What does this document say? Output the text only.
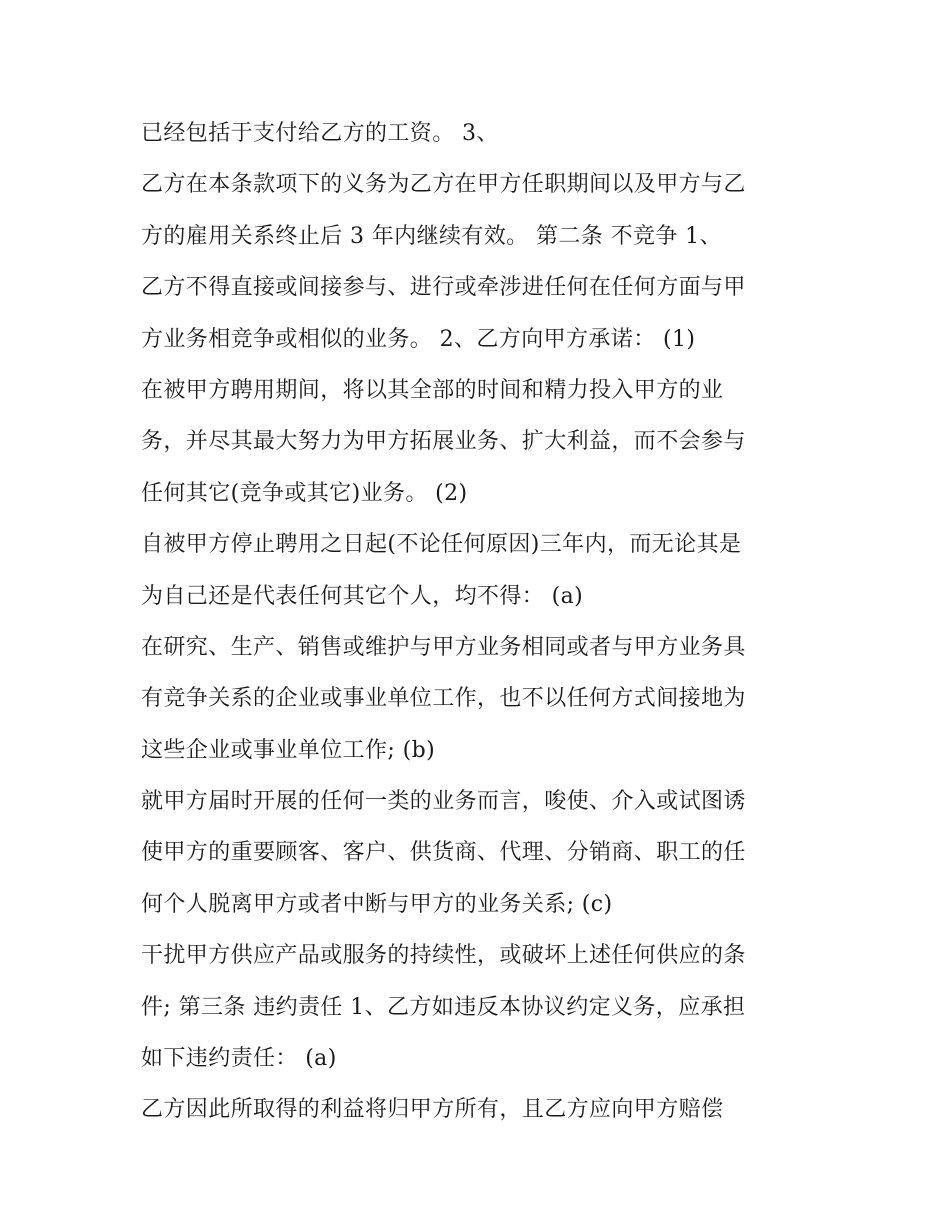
已经包括于支付给乙方的工资。 3、
乙方在本条款项下的义务为乙方在甲方任职期间以及甲方与乙
方的雇用关系终止后 3 年内继续有效。 第二条 不竞争 1、
乙方不得直接或间接参与、进行或牵涉进任何在任何方面与甲
方业务相竞争或相似的业务。 2、乙方向甲方承诺： (1)
在被甲方聘用期间，将以其全部的时间和精力投入甲方的业
务，并尽其最大努力为甲方拓展业务、扩大利益，而不会参与
任何其它(竞争或其它)业务。 (2)
自被甲方停止聘用之日起(不论任何原因)三年内，而无论其是
为自己还是代表任何其它个人，均不得： (a)
在研究、生产、销售或维护与甲方业务相同或者与甲方业务具
有竞争关系的企业或事业单位工作，也不以任何方式间接地为
这些企业或事业单位工作; (b)
就甲方届时开展的任何一类的业务而言，唆使、介入或试图诱
使甲方的重要顾客、客户、供货商、代理、分销商、职工的任
何个人脱离甲方或者中断与甲方的业务关系; (c)
干扰甲方供应产品或服务的持续性，或破坏上述任何供应的条
件; 第三条 违约责任 1、乙方如违反本协议约定义务，应承担
如下违约责任： (a)
乙方因此所取得的利益将归甲方所有，且乙方应向甲方赔偿
